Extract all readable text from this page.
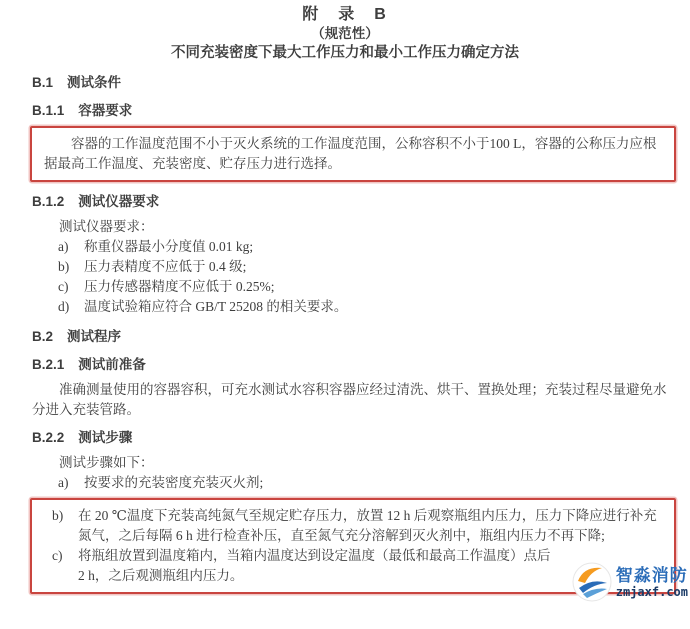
附　录　B
（规范性）
不同充装密度下最大工作压力和最小工作压力确定方法
B.1 测试条件
B.1.1 容器要求

容器的工作温度范围不小于灭火系统的工作温度范围，公称容积不小于100 L，容器的公称压力应根据最高工作温度、充装密度、贮存压力进行选择。

B.1.2 测试仪器要求

测试仪器要求：

a)	称重仪器最小分度值 0.01 kg;
b)	压力表精度不应低于 0.4 级;
c)	压力传感器精度不应低于 0.25%;
d)	温度试验箱应符合 GB/T 25208 的相关要求。
B.2 测试程序
B.2.1 测试前准备

准确测量使用的容器容积，可充水测试水容积容器应经过清洗、烘干、置换处理；充装过程尽量避免水分进入充装管路。

B.2.2 测试步骤

测试步骤如下：

a)	按要求的充装密度充装灭火剂;
b)	在 20 ℃温度下充装高纯氮气至规定贮存压力，放置 12 h 后观察瓶组内压力，压力下降应进行补充氮气，之后每隔 6 h 进行检查补压，直至氮气充分溶解到灭火剂中，瓶组内压力不再下降;
c)	将瓶组放置到温度箱内，当箱内温度达到设定温度（最低和最高工作温度）点后
2 h，之后观测瓶组内压力。	智淼消防
zmjaxf.com
